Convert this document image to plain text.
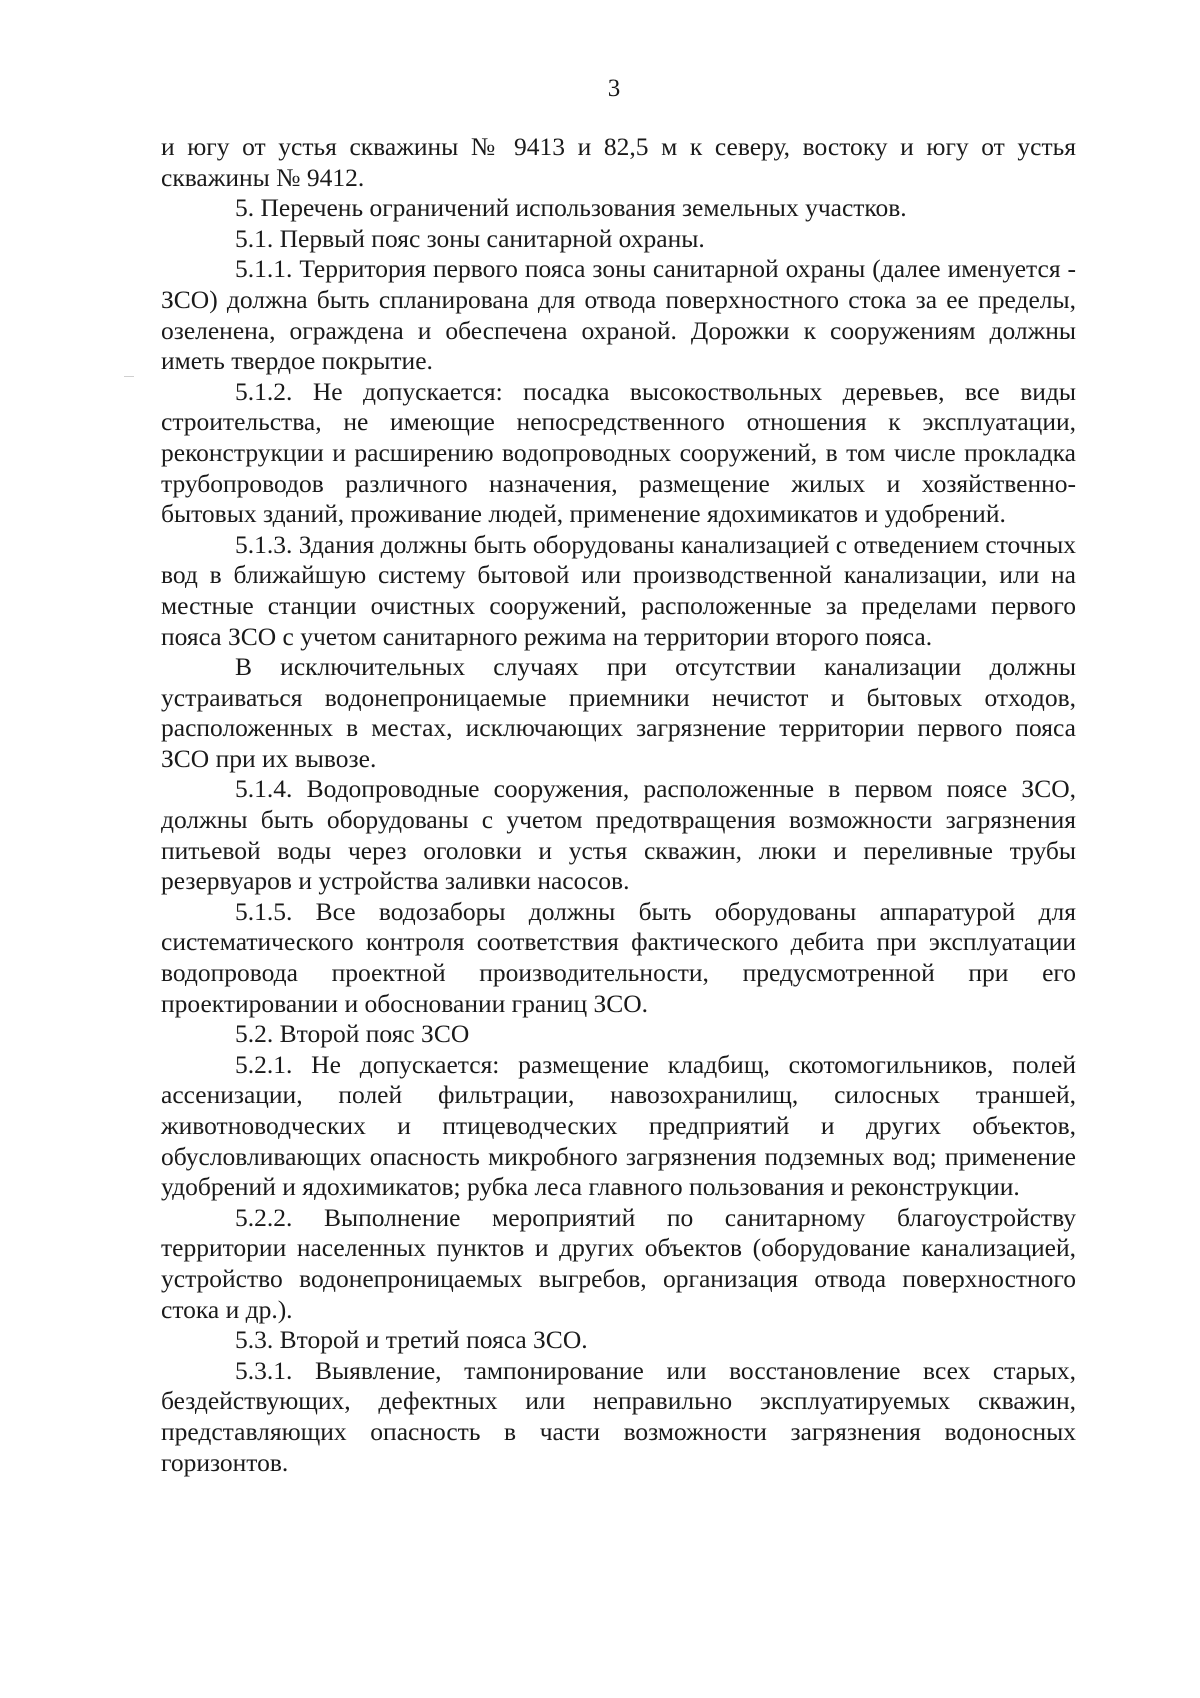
3

и югу от устья скважины № 9413 и 82,5 м к северу, востоку и югу от устья скважины № 9412.

5. Перечень ограничений использования земельных участков.

5.1. Первый пояс зоны санитарной охраны.

5.1.1. Территория первого пояса зоны санитарной охраны (далее именуется - ЗСО) должна быть спланирована для отвода поверхностного стока за ее пределы, озеленена, ограждена и обеспечена охраной. Дорожки к сооружениям должны иметь твердое покрытие.

5.1.2. Не допускается: посадка высокоствольных деревьев, все виды строительства, не имеющие непосредственного отношения к эксплуатации, реконструкции и расширению водопроводных сооружений, в том числе прокладка трубопроводов различного назначения, размещение жилых и хозяйственно-бытовых зданий, проживание людей, применение ядохимикатов и удобрений.

5.1.3. Здания должны быть оборудованы канализацией с отведением сточных вод в ближайшую систему бытовой или производственной канализации, или на местные станции очистных сооружений, расположенные за пределами первого пояса ЗСО с учетом санитарного режима на территории второго пояса.

В исключительных случаях при отсутствии канализации должны устраиваться водонепроницаемые приемники нечистот и бытовых отходов, расположенных в местах, исключающих загрязнение территории первого пояса ЗСО при их вывозе.

5.1.4. Водопроводные сооружения, расположенные в первом поясе ЗСО, должны быть оборудованы с учетом предотвращения возможности загрязнения питьевой воды через оголовки и устья скважин, люки и переливные трубы резервуаров и устройства заливки насосов.

5.1.5. Все водозаборы должны быть оборудованы аппаратурой для систематического контроля соответствия фактического дебита при эксплуатации водопровода проектной производительности, предусмотренной при его проектировании и обосновании границ ЗСО.

5.2. Второй пояс ЗСО

5.2.1. Не допускается: размещение кладбищ, скотомогильников, полей ассенизации, полей фильтрации, навозохранилищ, силосных траншей, животноводческих и птицеводческих предприятий и других объектов, обусловливающих опасность микробного загрязнения подземных вод; применение удобрений и ядохимикатов; рубка леса главного пользования и реконструкции.

5.2.2. Выполнение мероприятий по санитарному благоустройству территории населенных пунктов и других объектов (оборудование канализацией, устройство водонепроницаемых выгребов, организация отвода поверхностного стока и др.).

5.3. Второй и третий пояса ЗСО.

5.3.1. Выявление, тампонирование или восстановление всех старых, бездействующих, дефектных или неправильно эксплуатируемых скважин, представляющих опасность в части возможности загрязнения водоносных горизонтов.
